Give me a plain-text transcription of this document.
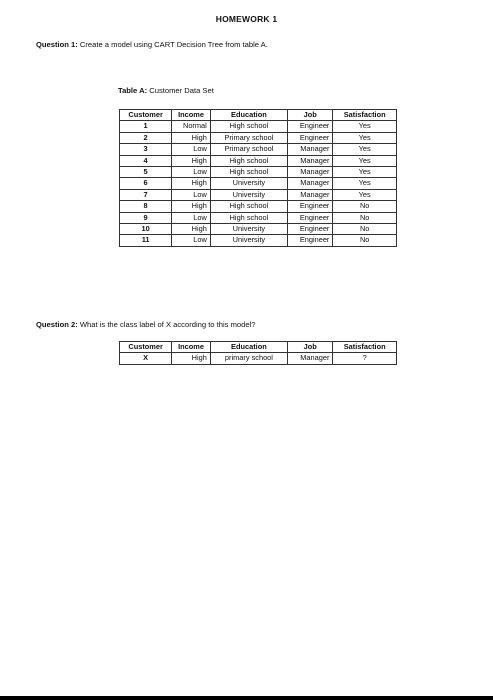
HOMEWORK 1
Question 1: Create a model using CART Decision Tree from table A.
Table A: Customer Data Set
Customer	Income	Education	Job	Satisfaction
1	Normal	High school	Engineer	Yes
2	High	Primary school	Engineer	Yes
3	Low	Primary school	Manager	Yes
4	High	High school	Manager	Yes
5	Low	High school	Manager	Yes
6	High	University	Manager	Yes
7	Low	University	Manager	Yes
8	High	High school	Engineer	No
9	Low	High school	Engineer	No
10	High	University	Engineer	No
11	Low	University	Engineer	No
Question 2: What is the class label of X according to this model?
Customer	Income	Education	Job	Satisfaction
X	High	primary school	Manager	?
